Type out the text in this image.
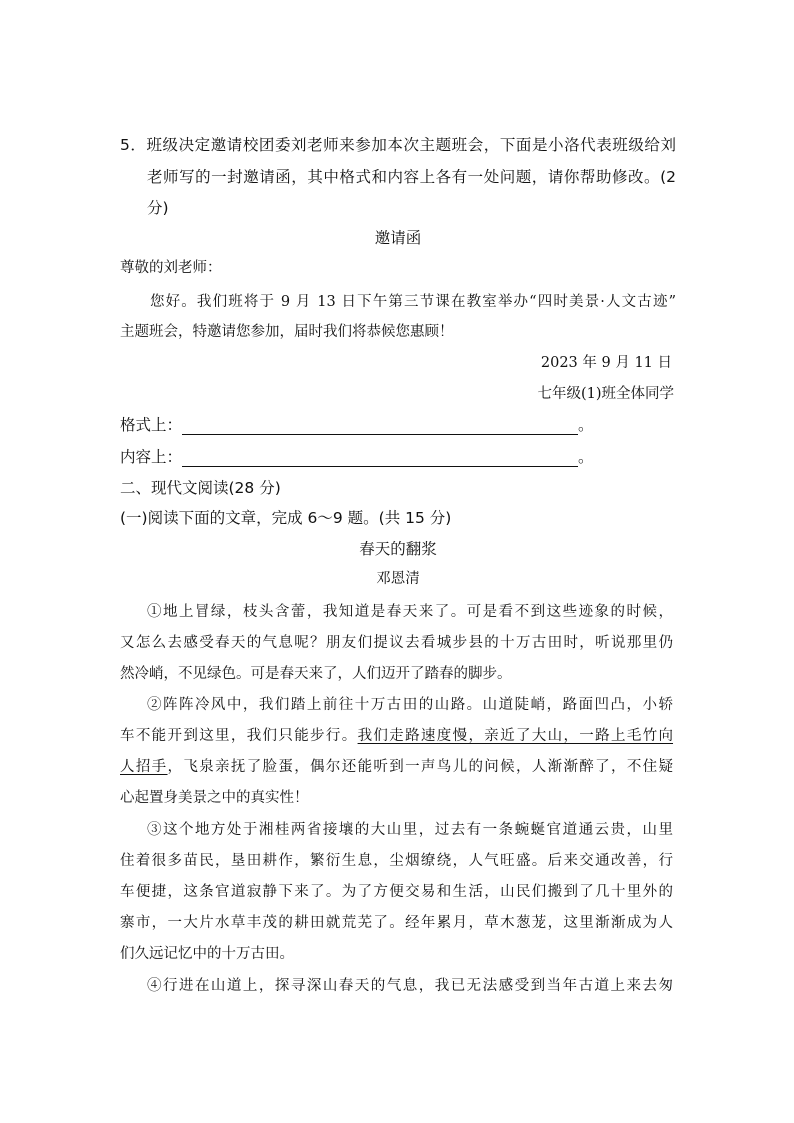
5．班级决定邀请校团委刘老师来参加本次主题班会，下面是小洛代表班级给刘
老师写的一封邀请函，其中格式和内容上各有一处问题，请你帮助修改。(2
分)
邀请函
尊敬的刘老师：
您好。我们班将于 9 月 13 日下午第三节课在教室举办“四时美景·人文古迹”
主题班会，特邀请您参加，届时我们将恭候您惠顾！
2023 年 9 月 11 日
七年级(1)班全体同学
格式上：	。
内容上：	。
二、现代文阅读(28 分)
(一)阅读下面的文章，完成 6～9 题。(共 15 分)
春天的翻浆
邓恩清
①地上冒绿，枝头含蕾，我知道是春天来了。可是看不到这些迹象的时候，
又怎么去感受春天的气息呢？朋友们提议去看城步县的十万古田时，听说那里仍
然冷峭，不见绿色。可是春天来了，人们迈开了踏春的脚步。
②阵阵冷风中，我们踏上前往十万古田的山路。山道陡峭，路面凹凸，小轿
车不能开到这里，我们只能步行。我们走路速度慢，亲近了大山，一路上毛竹向
人招手，飞泉亲抚了脸蛋，偶尔还能听到一声鸟儿的问候，人渐渐醉了，不住疑
心起置身美景之中的真实性！
③这个地方处于湘桂两省接壤的大山里，过去有一条蜿蜒官道通云贵，山里
住着很多苗民，垦田耕作，繁衍生息，尘烟缭绕，人气旺盛。后来交通改善，行
车便捷，这条官道寂静下来了。为了方便交易和生活，山民们搬到了几十里外的
寨市，一大片水草丰茂的耕田就荒芜了。经年累月，草木葱茏，这里渐渐成为人
们久远记忆中的十万古田。
④行进在山道上，探寻深山春天的气息，我已无法感受到当年古道上来去匆
